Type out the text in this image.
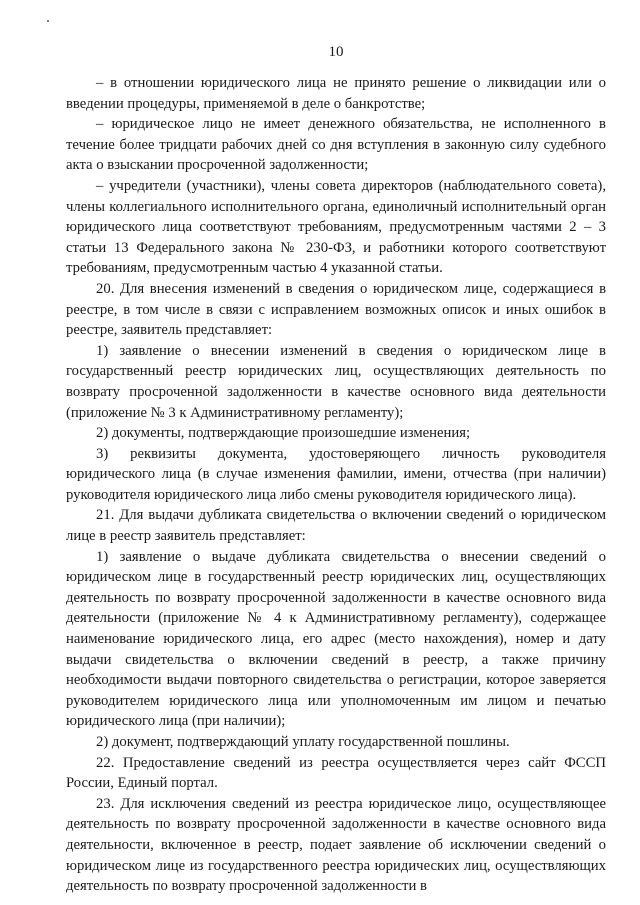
10

– в отношении юридического лица не принято решение о ликвидации или о введении процедуры, применяемой в деле о банкротстве;

– юридическое лицо не имеет денежного обязательства, не исполненного в течение более тридцати рабочих дней со дня вступления в законную силу судебного акта о взыскании просроченной задолженности;

– учредители (участники), члены совета директоров (наблюдательного совета), члены коллегиального исполнительного органа, единоличный исполнительный орган юридического лица соответствуют требованиям, предусмотренным частями 2 – 3 статьи 13 Федерального закона № 230-ФЗ, и работники которого соответствуют требованиям, предусмотренным частью 4 указанной статьи.

20. Для внесения изменений в сведения о юридическом лице, содержащиеся в реестре, в том числе в связи с исправлением возможных описок и иных ошибок в реестре, заявитель представляет:

1) заявление о внесении изменений в сведения о юридическом лице в государственный реестр юридических лиц, осуществляющих деятельность по возврату просроченной задолженности в качестве основного вида деятельности (приложение № 3 к Административному регламенту);

2) документы, подтверждающие произошедшие изменения;

3) реквизиты документа, удостоверяющего личность руководителя юридического лица (в случае изменения фамилии, имени, отчества (при наличии) руководителя юридического лица либо смены руководителя юридического лица).

21. Для выдачи дубликата свидетельства о включении сведений о юридическом лице в реестр заявитель представляет:

1) заявление о выдаче дубликата свидетельства о внесении сведений о юридическом лице в государственный реестр юридических лиц, осуществляющих деятельность по возврату просроченной задолженности в качестве основного вида деятельности (приложение № 4 к Административному регламенту), содержащее наименование юридического лица, его адрес (место нахождения), номер и дату выдачи свидетельства о включении сведений в реестр, а также причину необходимости выдачи повторного свидетельства о регистрации, которое заверяется руководителем юридического лица или уполномоченным им лицом и печатью юридического лица (при наличии);

2) документ, подтверждающий уплату государственной пошлины.

22. Предоставление сведений из реестра осуществляется через сайт ФССП России, Единый портал.

23. Для исключения сведений из реестра юридическое лицо, осуществляющее деятельность по возврату просроченной задолженности в качестве основного вида деятельности, включенное в реестр, подает заявление об исключении сведений о юридическом лице из государственного реестра юридических лиц, осуществляющих деятельность по возврату просроченной задолженности в
